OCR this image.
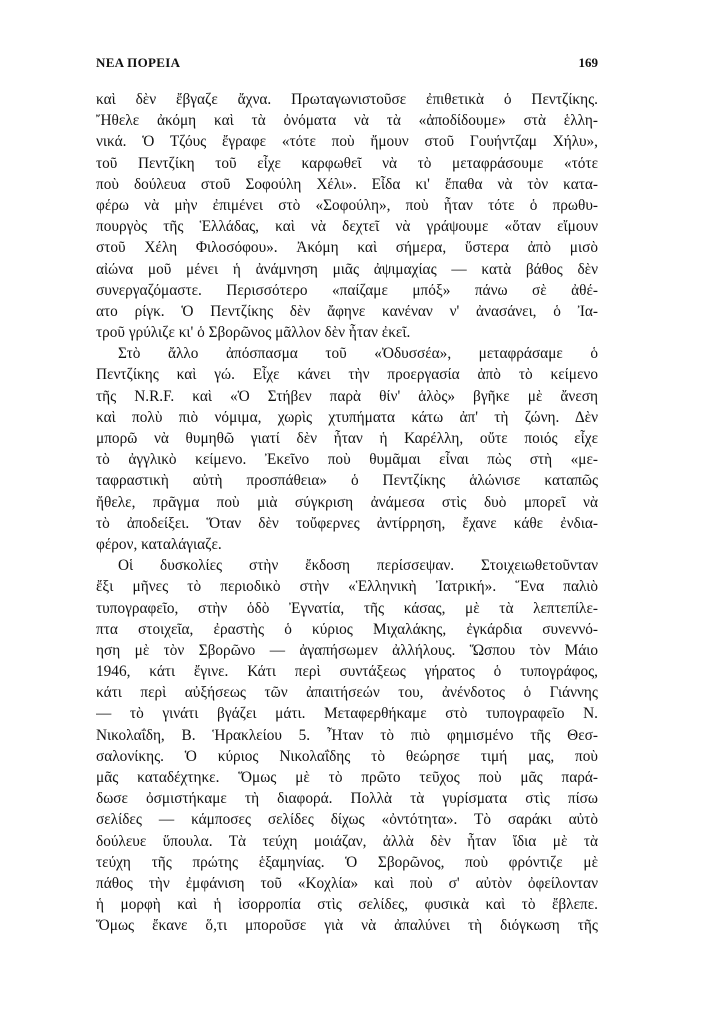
ΝΕΑ ΠΟΡΕΙΑ	169
καὶ δὲν ἔβγαζε ἄχνα. Πρωταγωνιστοῦσε ἐπιθετικὰ ὁ Πεντζίκης.
Ἤθελε ἀκόμη καὶ τὰ ὀνόματα νὰ τὰ «ἀποδίδουμε» στὰ ἑλλη-
νικά. Ὁ Τζόυς ἔγραφε «τότε ποὺ ἤμουν στοῦ Γουήντζαμ Χήλυ»,
τοῦ Πεντζίκη τοῦ εἶχε καρφωθεῖ νὰ τὸ μεταφράσουμε «τότε
ποὺ δούλευα στοῦ Σοφούλη Χέλι». Εἶδα κι' ἔπαθα νὰ τὸν κατα-
φέρω νὰ μὴν ἐπιμένει στὸ «Σοφούλη», ποὺ ἦταν τότε ὁ πρωθυ-
πουργὸς τῆς Ἑλλάδας, καὶ νὰ δεχτεῖ νὰ γράψουμε «ὅταν εἴμουν
στοῦ Χέλη Φιλοσόφου». Ἀκόμη καὶ σήμερα, ὕστερα ἀπὸ μισὸ
αἰώνα μοῦ μένει ἡ ἀνάμνηση μιᾶς ἀψιμαχίας — κατὰ βάθος δὲν
συνεργαζόμαστε. Περισσότερο «παίζαμε μπόξ» πάνω σὲ ἀθέ-
ατο ρίγκ. Ὁ Πεντζίκης δὲν ἄφηνε κανέναν ν' ἀνασάνει, ὁ Ἰα-
τροῦ γρύλιζε κι' ὁ Σβορῶνος μᾶλλον δὲν ἦταν ἐκεῖ.
Στὸ ἄλλο ἀπόσπασμα τοῦ «Ὀδυσσέα», μεταφράσαμε ὁ
Πεντζίκης καὶ γώ. Εἶχε κάνει τὴν προεργασία ἀπὸ τὸ κείμενο
τῆς N.R.F. καὶ «Ὁ Στήβεν παρὰ θίν' ἁλὸς» βγῆκε μὲ ἄνεση
καὶ πολὺ πιὸ νόμιμα, χωρὶς χτυπήματα κάτω ἀπ' τὴ ζώνη. Δὲν
μπορῶ νὰ θυμηθῶ γιατί δὲν ἦταν ἡ Καρέλλη, οὔτε ποιός εἶχε
τὸ ἀγγλικὸ κείμενο. Ἐκεῖνο ποὺ θυμᾶμαι εἶναι πὼς στὴ «με-
ταφραστικὴ αὐτὴ προσπάθεια» ὁ Πεντζίκης ἁλώνισε καταπῶς
ἤθελε, πρᾶγμα ποὺ μιὰ σύγκριση ἀνάμεσα στὶς δυὸ μπορεῖ νὰ
τὸ ἀποδείξει. Ὅταν δὲν τοὔφερνες ἀντίρρηση, ἔχανε κάθε ἐνδια-
φέρον, καταλάγιαζε.
Οἱ δυσκολίες στὴν ἔκδοση περίσσεψαν. Στοιχειωθετοῦνταν
ἔξι μῆνες τὸ περιοδικὸ στὴν «Ἑλληνικὴ Ἰατρική». Ἕνα παλιὸ
τυπογραφεῖο, στὴν ὁδὸ Ἐγνατία, τῆς κάσας, μὲ τὰ λεπτεπίλε-
πτα στοιχεῖα, ἐραστὴς ὁ κύριος Μιχαλάκης, ἐγκάρδια συνεννό-
ηση μὲ τὸν Σβορῶνο — ἀγαπήσωμεν ἀλλήλους. Ὥσπου τὸν Μάιο
1946, κάτι ἔγινε. Κάτι περὶ συντάξεως γήρατος ὁ τυπογράφος,
κάτι περὶ αὐξήσεως τῶν ἀπαιτήσεών του, ἀνένδοτος ὁ Γιάννης
— τὸ γινάτι βγάζει μάτι. Μεταφερθήκαμε στὸ τυπογραφεῖο Ν.
Νικολαΐδη, Β. Ἡρακλείου 5. Ἦταν τὸ πιὸ φημισμένο τῆς Θεσ-
σαλονίκης. Ὁ κύριος Νικολαΐδης τὸ θεώρησε τιμή μας, ποὺ
μᾶς καταδέχτηκε. Ὅμως μὲ τὸ πρῶτο τεῦχος ποὺ μᾶς παρά-
δωσε ὀσμιστήκαμε τὴ διαφορά. Πολλὰ τὰ γυρίσματα στὶς πίσω
σελίδες — κάμποσες σελίδες δίχως «ὀντότητα». Τὸ σαράκι αὐτὸ
δούλευε ὕπουλα. Τὰ τεύχη μοιάζαν, ἀλλὰ δὲν ἦταν ἴδια μὲ τὰ
τεύχη τῆς πρώτης ἑξαμηνίας. Ὁ Σβορῶνος, ποὺ φρόντιζε μὲ
πάθος τὴν ἐμφάνιση τοῦ «Κοχλία» καὶ ποὺ σ' αὐτὸν ὀφείλονταν
ἡ μορφὴ καὶ ἡ ἰσορροπία στὶς σελίδες, φυσικὰ καὶ τὸ ἔβλεπε.
Ὅμως ἔκανε ὅ,τι μποροῦσε γιὰ νὰ ἀπαλύνει τὴ διόγκωση τῆς
